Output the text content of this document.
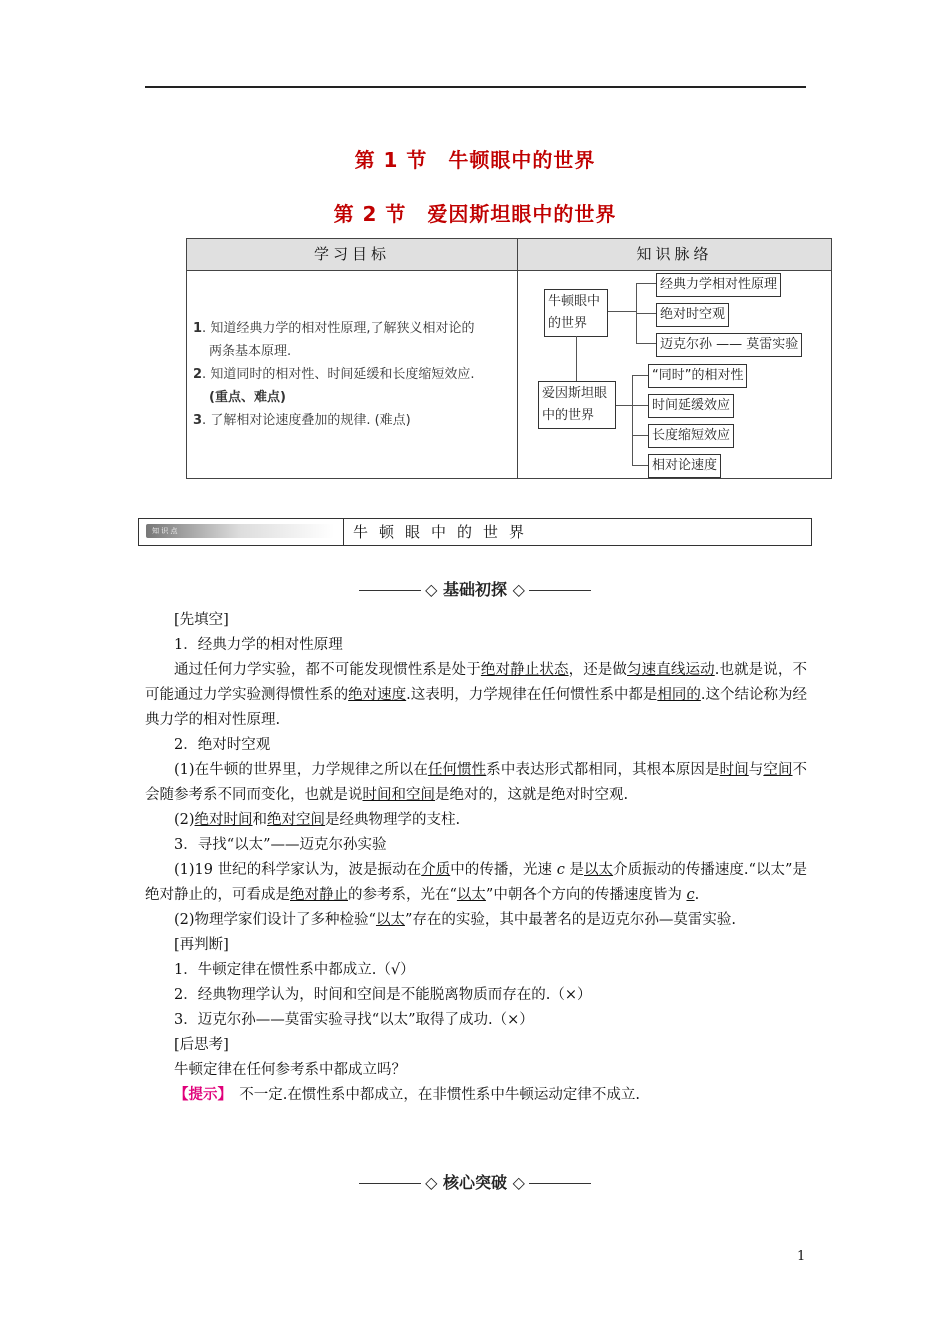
第 1 节　牛顿眼中的世界
第 2 节　爱因斯坦眼中的世界
学习目标	知识脉络
1. 知道经典力学的相对性原理,了解狭义相对论的
两条基本原理.
2. 知道同时的相对性、时间延缓和长度缩短效应.
(重点、难点)
3. 了解相对论速度叠加的规律. (难点)
牛顿眼中
的世界
经典力学相对性原理
绝对时空观
迈克尔孙 —— 莫雷实验
爱因斯坦眼
中的世界
“同时”的相对性
时间延缓效应
长度缩短效应
相对论速度
知 识 点	牛顿眼中的世界
◇ 基础初探 ◇

[先填空]

1．经典力学的相对性原理

通过任何力学实验，都不可能发现惯性系是处于绝对静止状态，还是做匀速直线运动.也就是说，不可能通过力学实验测得惯性系的绝对速度.这表明，力学规律在任何惯性系中都是相同的.这个结论称为经典力学的相对性原理.

2．绝对时空观

(1)在牛顿的世界里，力学规律之所以在任何惯性系中表达形式都相同，其根本原因是时间与空间不会随参考系不同而变化，也就是说时间和空间是绝对的，这就是绝对时空观.

(2)绝对时间和绝对空间是经典物理学的支柱.

3．寻找“以太”——迈克尔孙实验

(1)19 世纪的科学家认为，波是振动在介质中的传播，光速 c 是以太介质振动的传播速度.“以太”是绝对静止的，可看成是绝对静止的参考系，光在“以太”中朝各个方向的传播速度皆为 c.

(2)物理学家们设计了多种检验“以太”存在的实验，其中最著名的是迈克尔孙—莫雷实验.

[再判断]

1．牛顿定律在惯性系中都成立.（√）

2．经典物理学认为，时间和空间是不能脱离物质而存在的.（×）

3．迈克尔孙——莫雷实验寻找“以太”取得了成功.（×）

[后思考]

牛顿定律在任何参考系中都成立吗？

【提示】　不一定.在惯性系中都成立，在非惯性系中牛顿运动定律不成立.

◇ 核心突破 ◇
1
